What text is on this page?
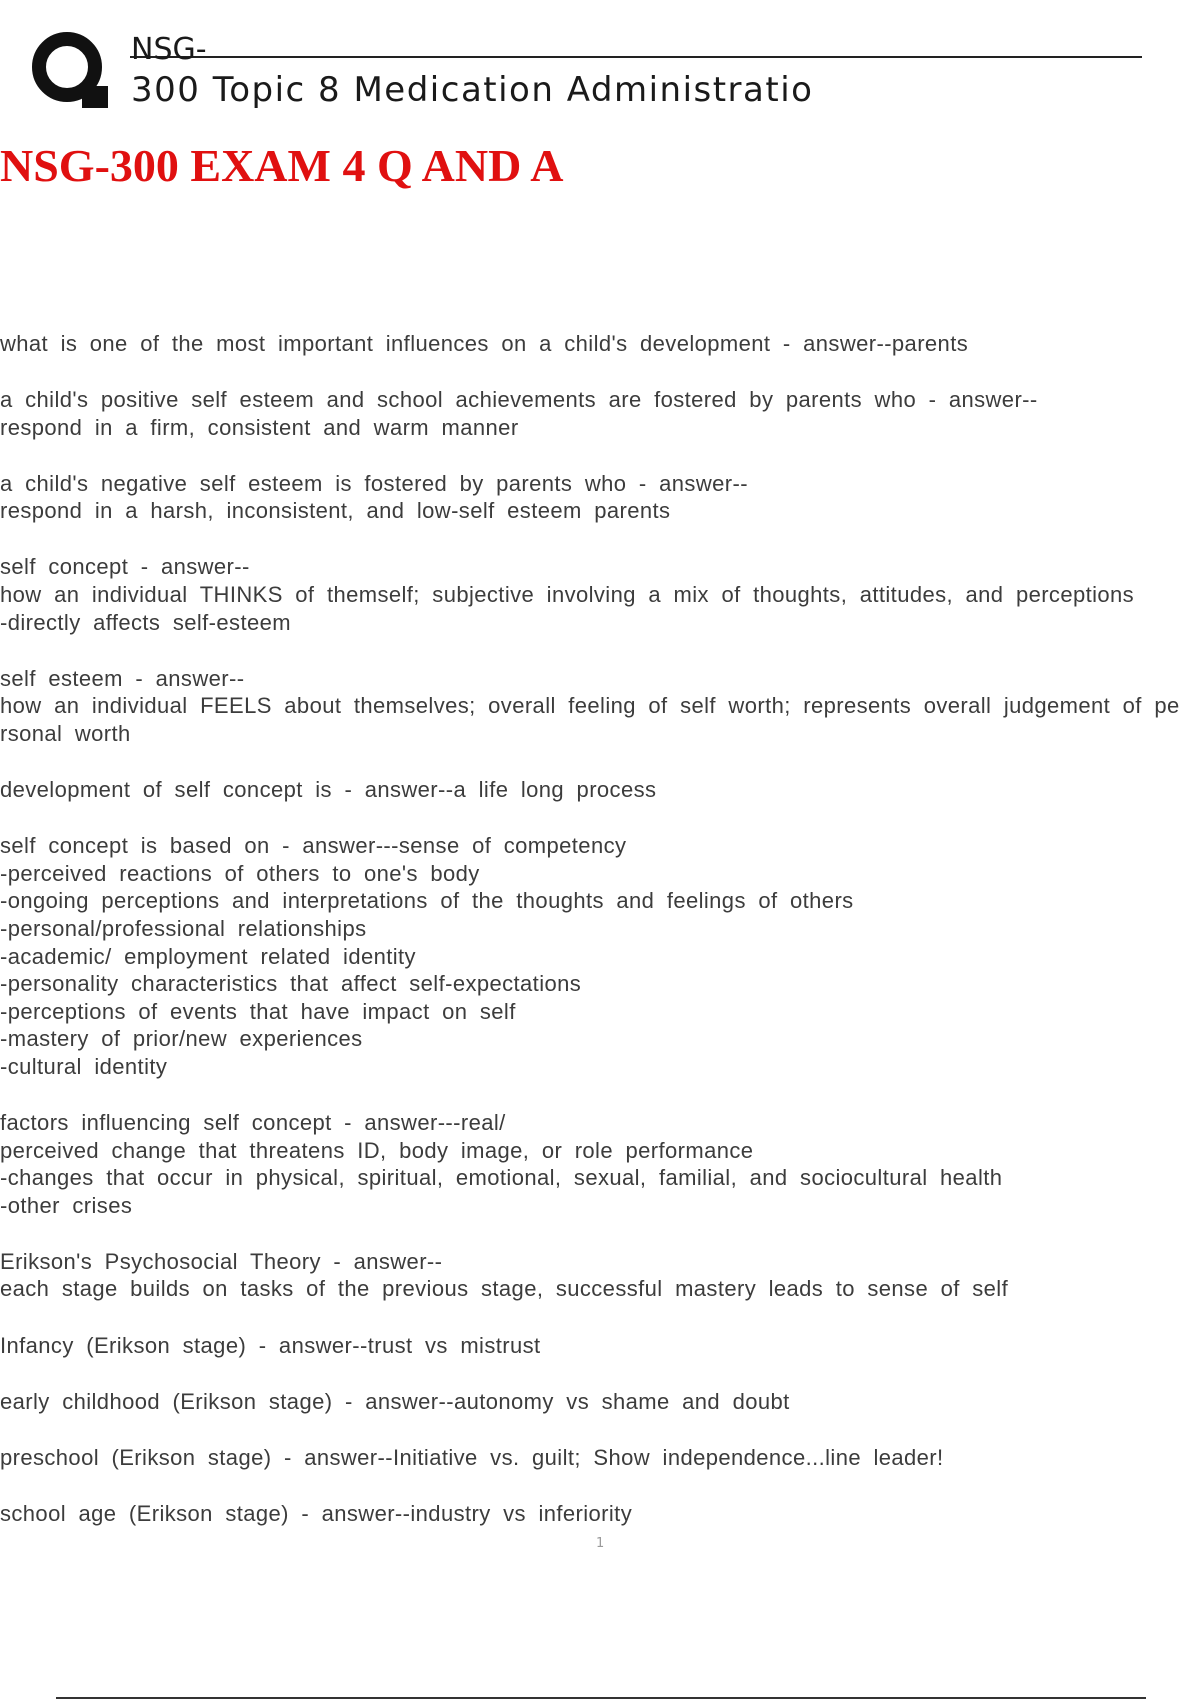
NSG-
300 Topic 8 Medication Administratio
NSG-300 EXAM 4 Q AND A
what is one of the most important influences on a child's development - answer--parents
a child's positive self esteem and school achievements are fostered by parents who - answer--
respond in a firm, consistent and warm manner
a child's negative self esteem is fostered by parents who - answer--
respond in a harsh, inconsistent, and low-self esteem parents
self concept - answer--
how an individual THINKS of themself; subjective involving a mix of thoughts, attitudes, and perceptions
-directly affects self-esteem
self esteem - answer--
how an individual FEELS about themselves; overall feeling of self worth; represents overall judgement of pe
rsonal worth
development of self concept is - answer--a life long process
self concept is based on - answer---sense of competency
-perceived reactions of others to one's body
-ongoing perceptions and interpretations of the thoughts and feelings of others
-personal/professional relationships
-academic/ employment related identity
-personality characteristics that affect self-expectations
-perceptions of events that have impact on self
-mastery of prior/new experiences
-cultural identity
factors influencing self concept - answer---real/
perceived change that threatens ID, body image, or role performance
-changes that occur in physical, spiritual, emotional, sexual, familial, and sociocultural health
-other crises
Erikson's Psychosocial Theory - answer--
each stage builds on tasks of the previous stage, successful mastery leads to sense of self
Infancy (Erikson stage) - answer--trust vs mistrust
early childhood (Erikson stage) - answer--autonomy vs shame and doubt
preschool (Erikson stage) - answer--Initiative vs. guilt; Show independence...line leader!
school age (Erikson stage) - answer--industry vs inferiority
1
